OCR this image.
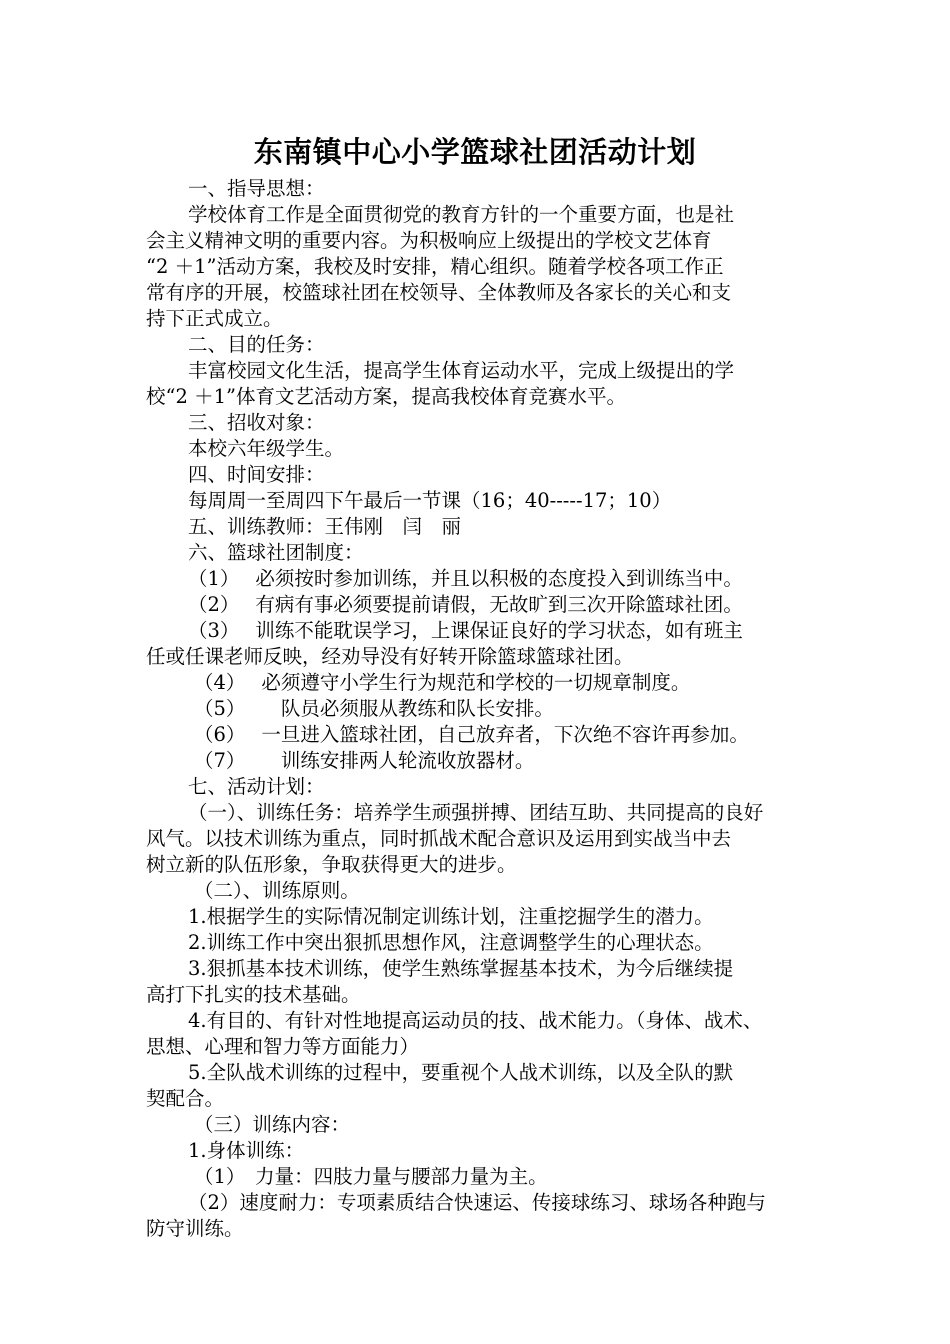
东南镇中心小学篮球社团活动计划
一、指导思想：
学校体育工作是全面贯彻党的教育方针的一个重要方面，也是社
会主义精神文明的重要内容。为积极响应上级提出的学校文艺体育
“2 ＋1”活动方案，我校及时安排，精心组织。随着学校各项工作正
常有序的开展，校篮球社团在校领导、全体教师及各家长的关心和支
持下正式成立。
二、目的任务：
丰富校园文化生活，提高学生体育运动水平，完成上级提出的学
校“2 ＋1”体育文艺活动方案，提高我校体育竞赛水平。
三、招收对象：
本校六年级学生。
四、时间安排：
每周周一至周四下午最后一节课（16；40-----17；10）
五、训练教师：王伟刚　闫　丽
六、篮球社团制度：
（1）　 必须按时参加训练，并且以积极的态度投入到训练当中。
（2）　 有病有事必须要提前请假，无故旷到三次开除篮球社团。
（3）　 训练不能耽误学习，上课保证良好的学习状态，如有班主
任或任课老师反映，经劝导没有好转开除篮球篮球社团。
（4）　 必须遵守小学生行为规范和学校的一切规章制度。
（5）　　 队员必须服从教练和队长安排。
（6）　 一旦进入篮球社团，自己放弃者，下次绝不容许再参加。
（7）　　 训练安排两人轮流收放器材。
七、活动计划：
（一）、训练任务：培养学生顽强拼搏、团结互助、共同提高的良好
风气。以技术训练为重点，同时抓战术配合意识及运用到实战当中去
树立新的队伍形象，争取获得更大的进步。
（二）、训练原则。
1.根据学生的实际情况制定训练计划，注重挖掘学生的潜力。
2.训练工作中突出狠抓思想作风，注意调整学生的心理状态。
3.狠抓基本技术训练，使学生熟练掌握基本技术，为今后继续提
高打下扎实的技术基础。
4.有目的、有针对性地提高运动员的技、战术能力。（身体、战术、
思想、心理和智力等方面能力）
5.全队战术训练的过程中，要重视个人战术训练，以及全队的默
契配合。
（三）训练内容：
1.身体训练：
（1）　力量：四肢力量与腰部力量为主。
（2）速度耐力：专项素质结合快速运、传接球练习、球场各种跑与
防守训练。
